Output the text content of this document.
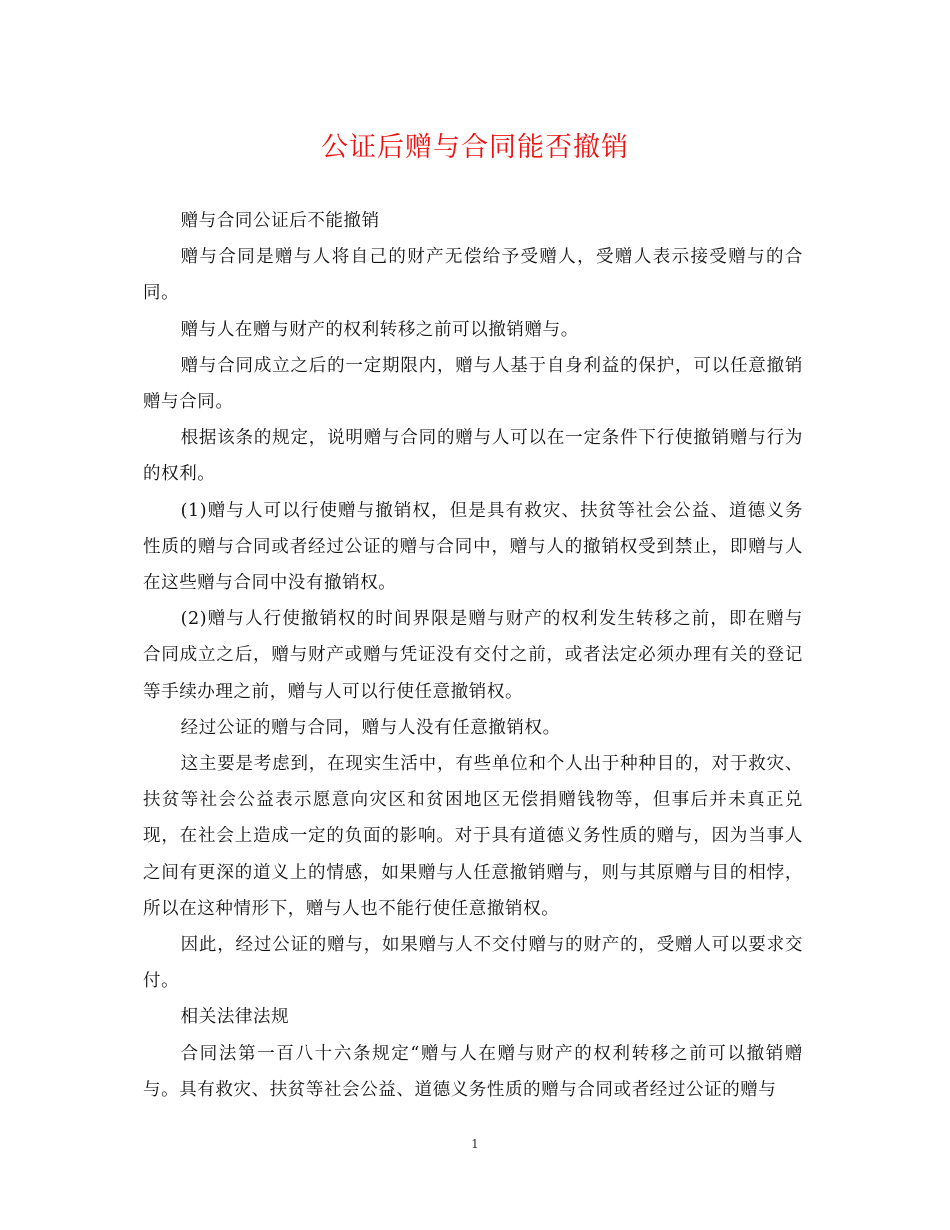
公证后赠与合同能否撤销

赠与合同公证后不能撤销

赠与合同是赠与人将自己的财产无偿给予受赠人，受赠人表示接受赠与的合同。

赠与人在赠与财产的权利转移之前可以撤销赠与。

赠与合同成立之后的一定期限内，赠与人基于自身利益的保护，可以任意撤销赠与合同。

根据该条的规定，说明赠与合同的赠与人可以在一定条件下行使撤销赠与行为的权利。

(1)赠与人可以行使赠与撤销权，但是具有救灾、扶贫等社会公益、道德义务性质的赠与合同或者经过公证的赠与合同中，赠与人的撤销权受到禁止，即赠与人在这些赠与合同中没有撤销权。

(2)赠与人行使撤销权的时间界限是赠与财产的权利发生转移之前，即在赠与合同成立之后，赠与财产或赠与凭证没有交付之前，或者法定必须办理有关的登记等手续办理之前，赠与人可以行使任意撤销权。

经过公证的赠与合同，赠与人没有任意撤销权。

这主要是考虑到，在现实生活中，有些单位和个人出于种种目的，对于救灾、扶贫等社会公益表示愿意向灾区和贫困地区无偿捐赠钱物等，但事后并未真正兑现，在社会上造成一定的负面的影响。对于具有道德义务性质的赠与，因为当事人之间有更深的道义上的情感，如果赠与人任意撤销赠与，则与其原赠与目的相悖，所以在这种情形下，赠与人也不能行使任意撤销权。

因此，经过公证的赠与，如果赠与人不交付赠与的财产的，受赠人可以要求交付。

相关法律法规

合同法第一百八十六条规定“赠与人在赠与财产的权利转移之前可以撤销赠与。具有救灾、扶贫等社会公益、道德义务性质的赠与合同或者经过公证的赠与

1
